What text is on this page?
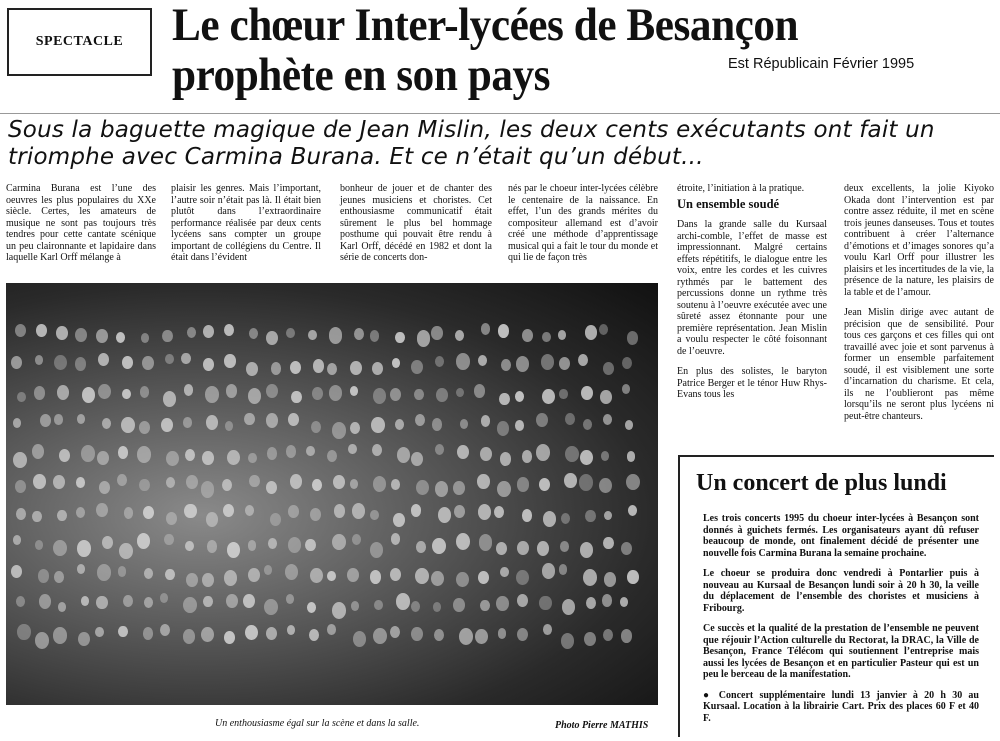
SPECTACLE	Le chœur Inter-lycées de Besançon
prophète en son pays	Est Républicain Février 1995
Sous la baguette magique de Jean Mislin, les deux cents exécutants ont fait un triomphe avec Carmina Burana. Et ce n’était qu’un début...

Carmina Burana est l’une des oeuvres les plus populaires du XXe siècle. Certes, les amateurs de musique ne sont pas toujours très tendres pour cette cantate scénique un peu claironnante et lapidaire dans laquelle Karl Orff mélange à

plaisir les genres. Mais l’important, l’autre soir n’était pas là. Il était bien plutôt dans l’extraordinaire performance réalisée par deux cents lycéens sans compter un groupe important de collégiens du Centre. Il était dans l’évident

bonheur de jouer et de chanter des jeunes musiciens et choristes. Cet enthousiasme communicatif était sûrement le plus bel hommage posthume qui pouvait être rendu à Karl Orff, décédé en 1982 et dont la série de concerts don-

nés par le choeur inter-lycées célèbre le centenaire de la naissance. En effet, l’un des grands mérites du compositeur allemand est d’avoir créé une méthode d’apprentissage musical qui a fait le tour du monde et qui lie de façon très

étroite, l’initiation à la pratique.

Un ensemble soudé

Dans la grande salle du Kursaal archi-comble, l’effet de masse est impressionnant. Malgré certains effets répétitifs, le dialogue entre les voix, entre les cordes et les cuivres rythmés par le battement des percussions donne un rythme très soutenu à l’oeuvre exécutée avec une sûreté assez étonnante pour une première représentation. Jean Mislin a voulu respecter le côté foisonnant de l’oeuvre.

En plus des solistes, le baryton Patrice Berger et le ténor Huw Rhys-Evans tous les

deux excellents, la jolie Kiyoko Okada dont l’intervention est par contre assez réduite, il met en scène trois jeunes danseuses. Tous et toutes contribuent à créer l’alternance d’émotions et d’images sonores qu’a voulu Karl Orff pour illustrer les plaisirs et les incertitudes de la vie, la présence de la nature, les plaisirs de la table et de l’amour.

Jean Mislin dirige avec autant de précision que de sensibilité. Pour tous ces garçons et ces filles qui ont travaillé avec joie et sont parvenus à former un ensemble parfaitement soudé, il est visiblement une sorte d’incarnation du charisme. Et cela, ils ne l’oublieront pas même lorsqu’ils ne seront plus lycéens ni peut-être chanteurs.

Un enthousiasme égal sur la scène et dans la salle.	Photo Pierre MATHIS
Un concert de plus lundi

Les trois concerts 1995 du choeur inter-lycées à Besançon sont donnés à guichets fermés. Les organisateurs ayant dû refuser beaucoup de monde, ont finalement décidé de présenter une nouvelle fois Carmina Burana la semaine prochaine.

Le choeur se produira donc vendredi à Pontarlier puis à nouveau au Kursaal de Besançon lundi soir à 20 h 30, la veille du déplacement de l’ensemble des choristes et musiciens à Fribourg.

Ce succès et la qualité de la prestation de l’ensemble ne peuvent que réjouir l’Action culturelle du Rectorat, la DRAC, la Ville de Besançon, France Télécom qui soutiennent l’entreprise mais aussi les lycées de Besançon et en particulier Pasteur qui est un peu le berceau de la manifestation.

● Concert supplémentaire lundi 13 janvier à 20 h 30 au Kursaal. Location à la librairie Cart. Prix des places 60 F et 40 F.
